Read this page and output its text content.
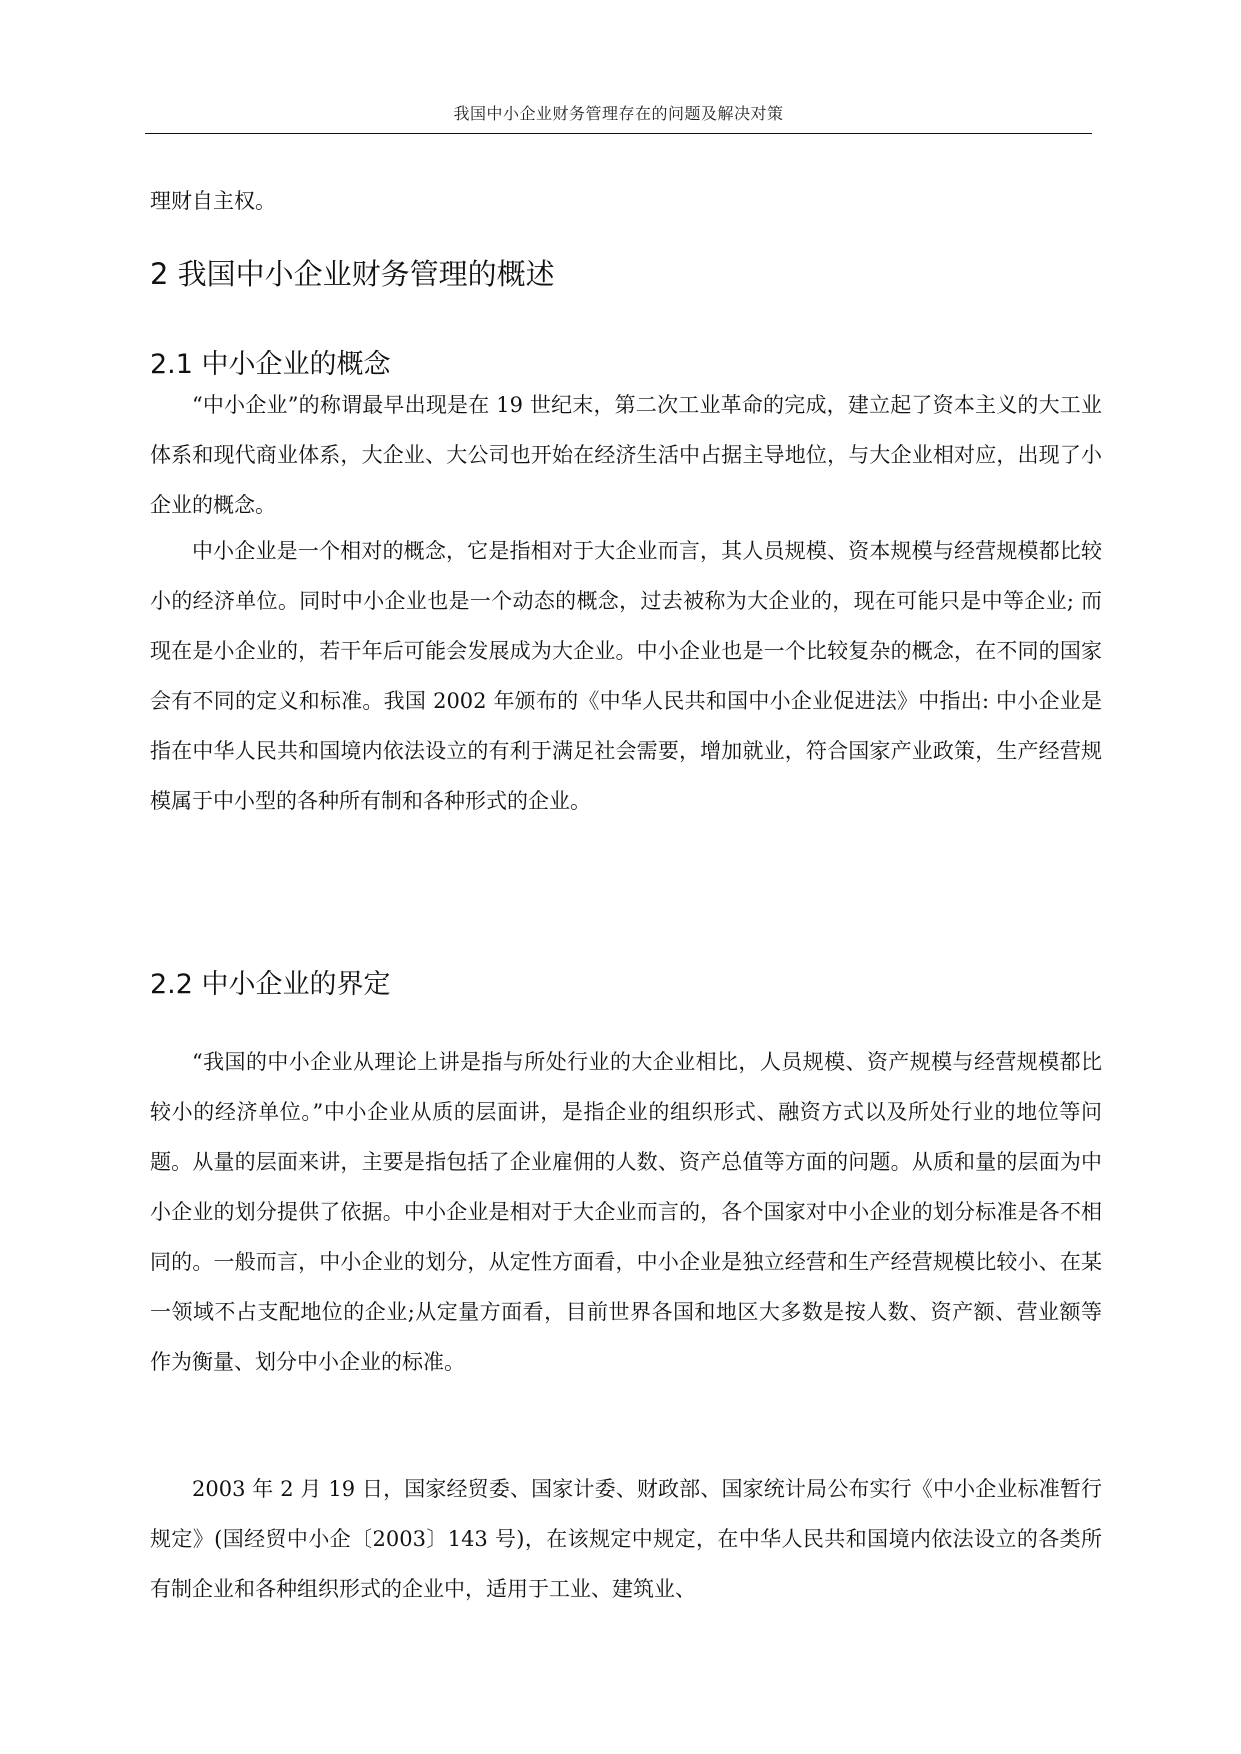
我国中小企业财务管理存在的问题及解决对策

理财自主权。

2 我国中小企业财务管理的概述
2.1 中小企业的概念

“中小企业”的称谓最早出现是在 19 世纪末，第二次工业革命的完成，建立起了资本主义的大工业体系和现代商业体系，大企业、大公司也开始在经济生活中占据主导地位，与大企业相对应，出现了小企业的概念。

中小企业是一个相对的概念，它是指相对于大企业而言，其人员规模、资本规模与经营规模都比较小的经济单位。同时中小企业也是一个动态的概念，过去被称为大企业的，现在可能只是中等企业; 而现在是小企业的，若干年后可能会发展成为大企业。中小企业也是一个比较复杂的概念，在不同的国家会有不同的定义和标准。我国 2002 年颁布的《中华人民共和国中小企业促进法》中指出: 中小企业是指在中华人民共和国境内依法设立的有利于满足社会需要，增加就业，符合国家产业政策，生产经营规模属于中小型的各种所有制和各种形式的企业。

2.2 中小企业的界定

“我国的中小企业从理论上讲是指与所处行业的大企业相比，人员规模、资产规模与经营规模都比较小的经济单位。”中小企业从质的层面讲，是指企业的组织形式、融资方式以及所处行业的地位等问题。从量的层面来讲，主要是指包括了企业雇佣的人数、资产总值等方面的问题。从质和量的层面为中小企业的划分提供了依据。中小企业是相对于大企业而言的，各个国家对中小企业的划分标准是各不相同的。一般而言，中小企业的划分，从定性方面看，中小企业是独立经营和生产经营规模比较小、在某一领域不占支配地位的企业;从定量方面看，目前世界各国和地区大多数是按人数、资产额、营业额等作为衡量、划分中小企业的标准。

2003 年 2 月 19 日，国家经贸委、国家计委、财政部、国家统计局公布实行《中小企业标准暂行规定》(国经贸中小企〔2003〕143 号)，在该规定中规定，在中华人民共和国境内依法设立的各类所有制企业和各种组织形式的企业中，适用于工业、建筑业、
